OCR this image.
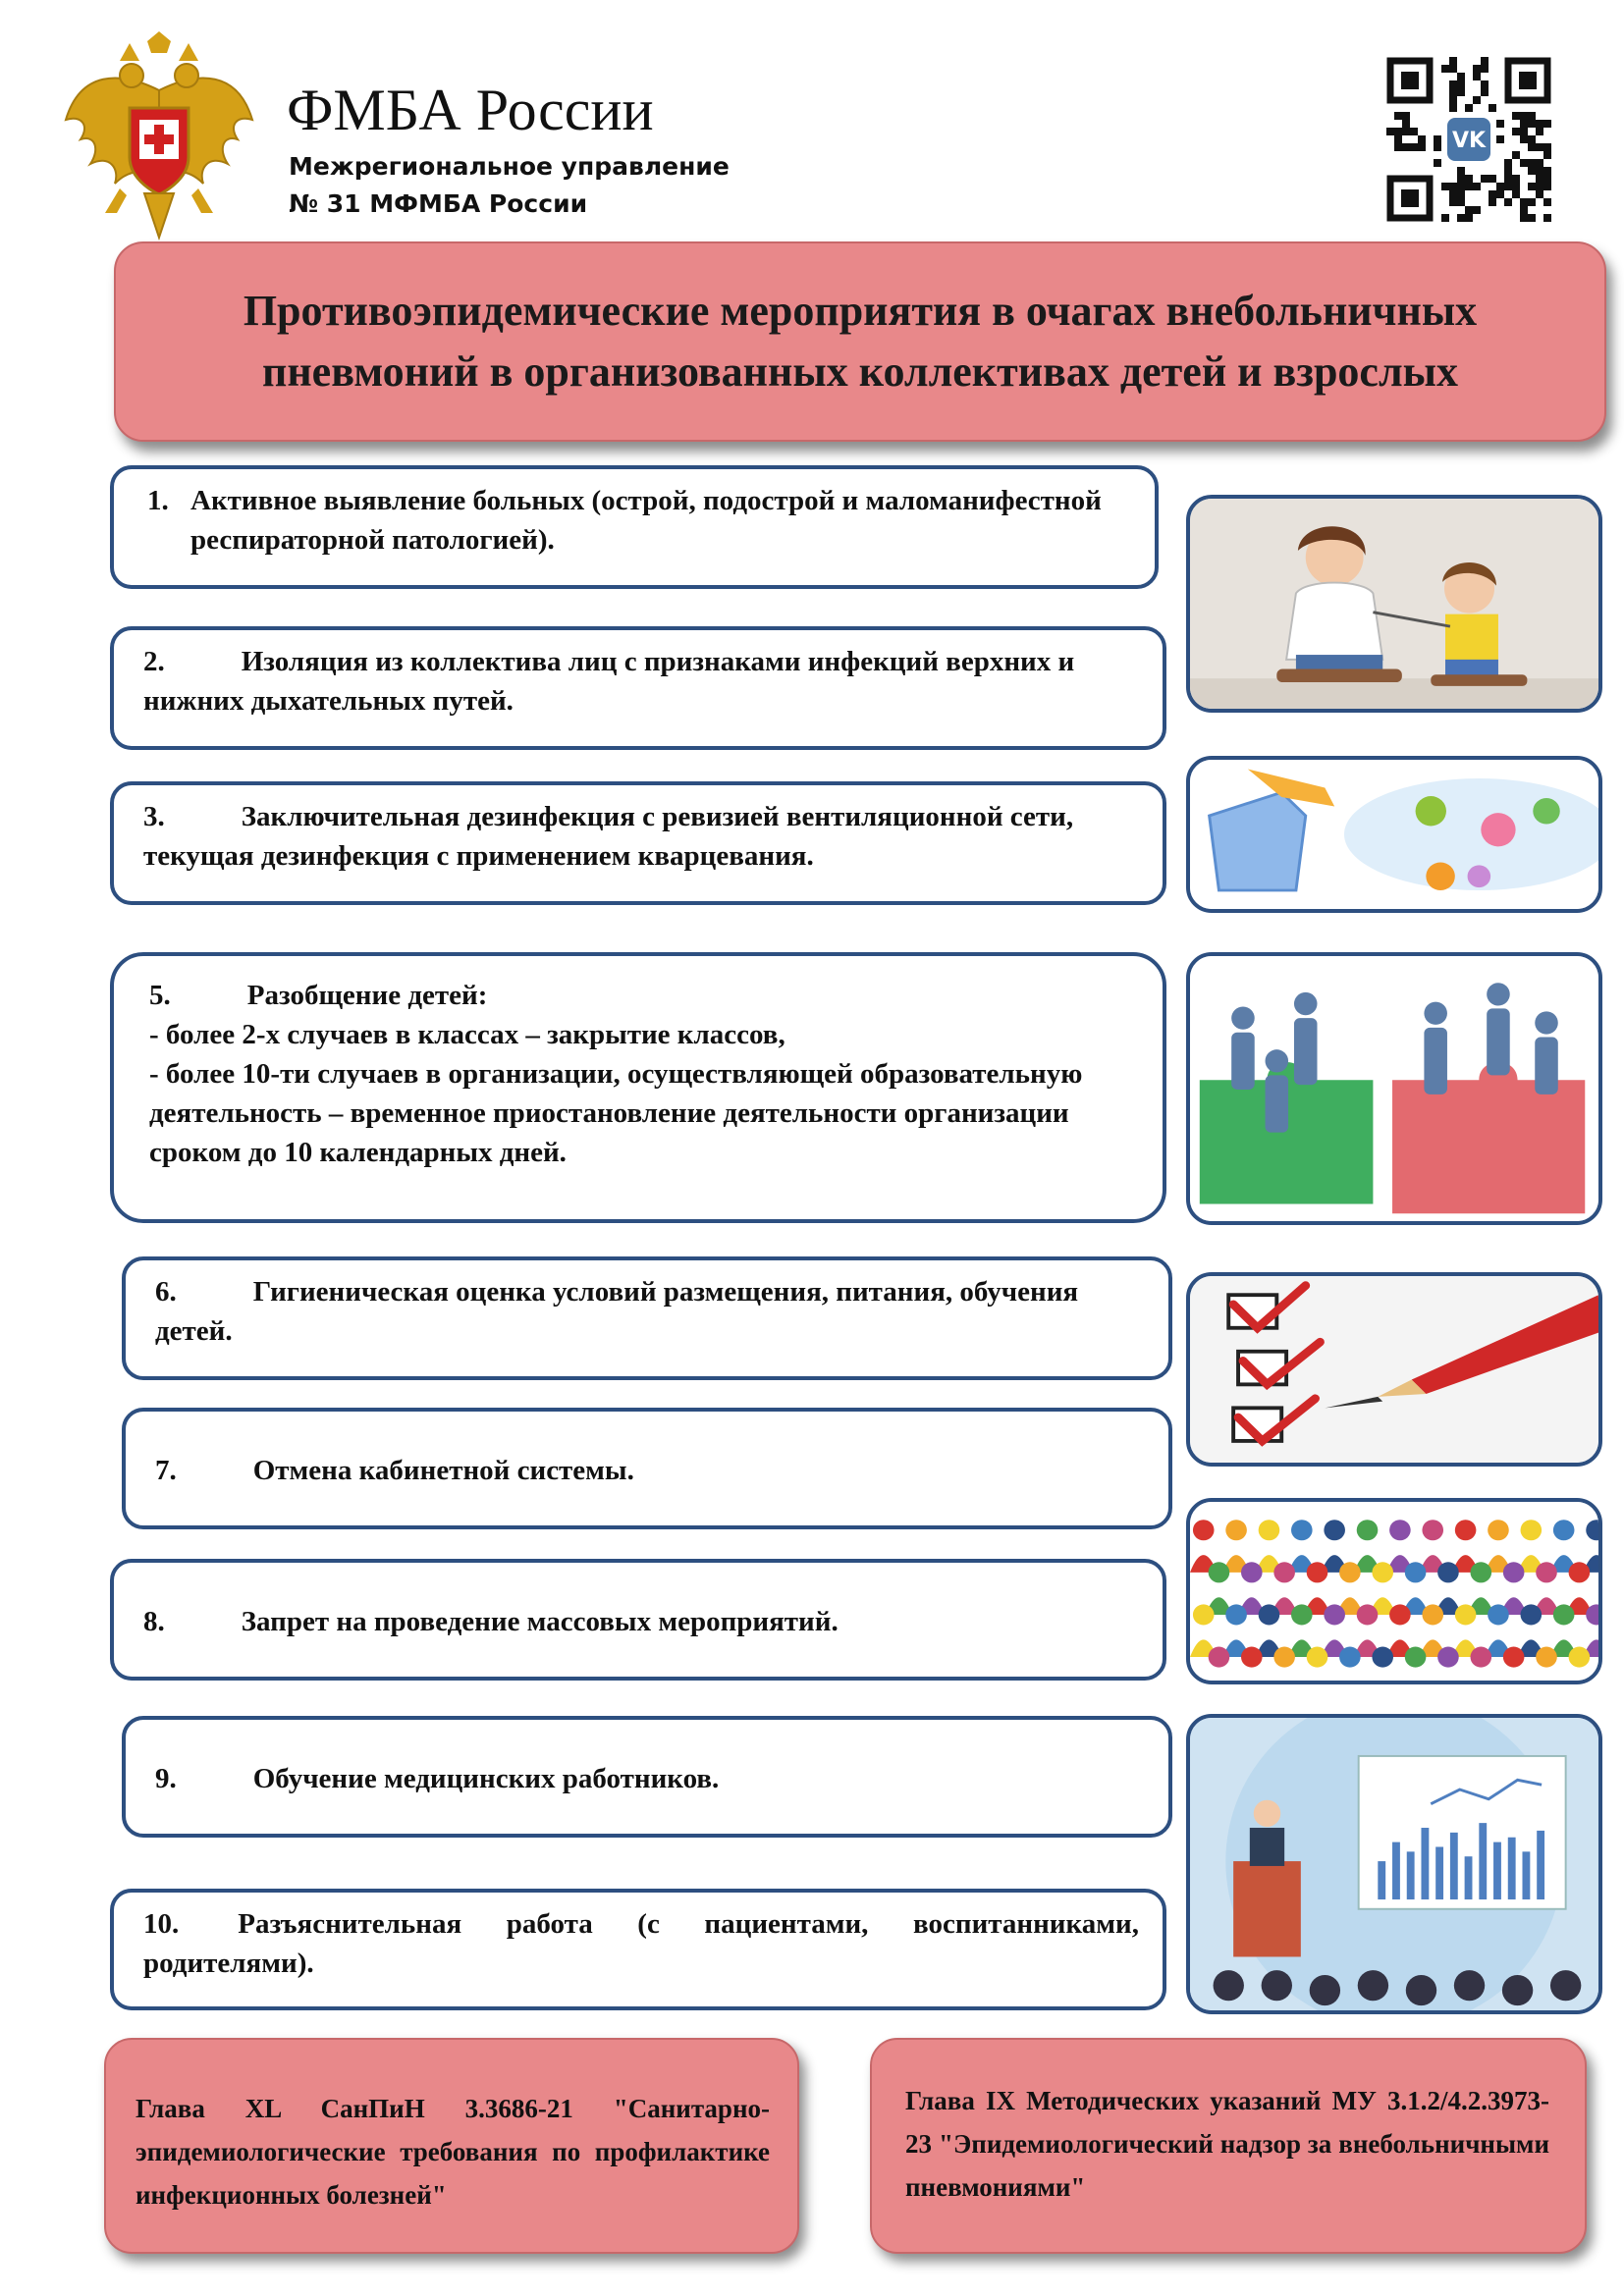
ФМБА России
Межрегиональное управление
№ 31 МФМБА России
VK
Противоэпидемические мероприятия в очагах внебольничных
пневмоний в организованных коллективах детей и взрослых
1. Активное выявление больных (острой, подострой и маломанифестной респираторной патологией).
2.	Изоляция из коллектива лиц с признаками инфекций верхних и нижних дыхательных путей.
3.	Заключительная дезинфекция с ревизией вентиляционной сети, текущая дезинфекция с применением кварцевания.
5.	Разобщение детей:
- более 2-х случаев в классах – закрытие классов,
- более 10-ти случаев в организации, осуществляющей образовательную деятельность – временное приостановление деятельности организации сроком до 10 календарных дней.
6.	Гигиеническая оценка условий размещения, питания, обучения детей.
7.	Отмена кабинетной системы.
8.	Запрет на проведение массовых мероприятий.
9.	Обучение медицинских работников.
10. Разъяснительная работа (с пациентами, воспитанниками, родителями).
Глава XL СанПиН 3.3686-21 "Санитарно-эпидемиологические требования по профилактике инфекционных болезней"
Глава IX Методических указаний МУ 3.1.2/4.2.3973-23 "Эпидемиологический надзор за внебольничными пневмониями"
